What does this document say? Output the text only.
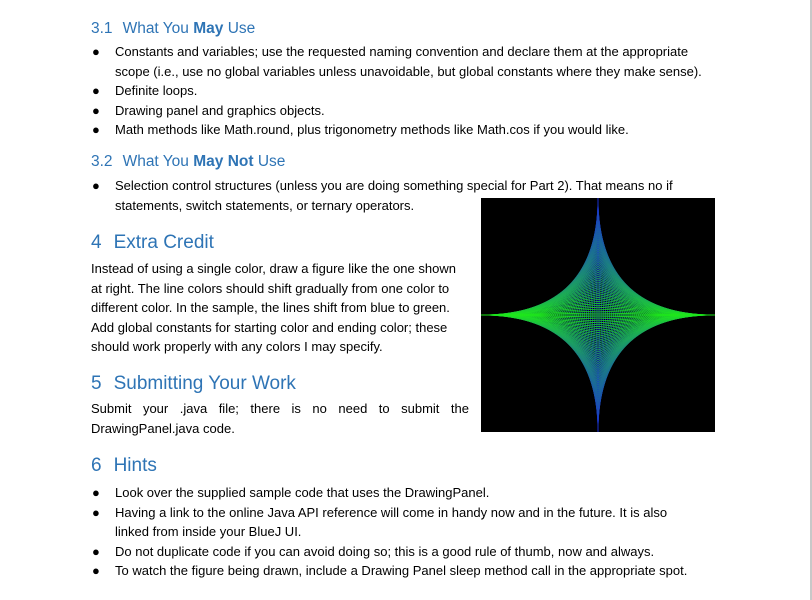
3.1 What You May Use
● Constants and variables; use the requested naming convention and declare them at the appropriate
scope (i.e., use no global variables unless unavoidable, but global constants where they make sense).
● Definite loops.
● Drawing panel and graphics objects.
● Math methods like Math.round, plus trigonometry methods like Math.cos if you would like.
3.2 What You May Not Use
● Selection control structures (unless you are doing something special for Part 2). That means no if
statements, switch statements, or ternary operators.
4 Extra Credit
Instead of using a single color, draw a figure like the one shown
at right. The line colors should shift gradually from one color to
different color. In the sample, the lines shift from blue to green.
Add global constants for starting color and ending color; these
should work properly with any colors I may specify.
5 Submitting Your Work
Submit your .java file; there is no need to submit the
DrawingPanel.java code.
6 Hints
● Look over the supplied sample code that uses the DrawingPanel.
● Having a link to the online Java API reference will come in handy now and in the future. It is also
linked from inside your BlueJ UI.
● Do not duplicate code if you can avoid doing so; this is a good rule of thumb, now and always.
● To watch the figure being drawn, include a Drawing Panel sleep method call in the appropriate spot.
